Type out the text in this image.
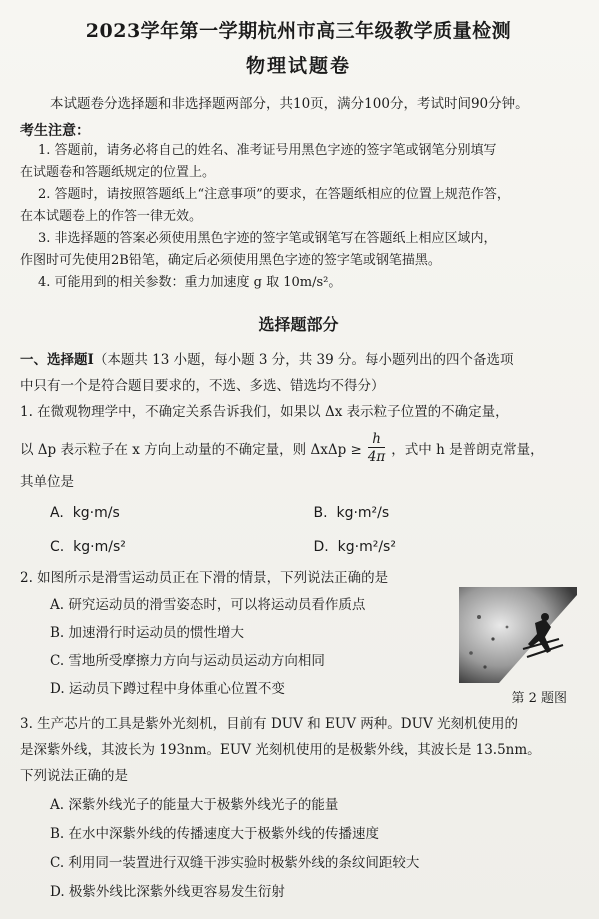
2023学年第一学期杭州市高三年级教学质量检测
物理试题卷
本试题卷分选择题和非选择题两部分，共10页，满分100分，考试时间90分钟。
考生注意：
1. 答题前，请务必将自己的姓名、准考证号用黑色字迹的签字笔或钢笔分别填写
在试题卷和答题纸规定的位置上。
2. 答题时，请按照答题纸上“注意事项”的要求，在答题纸相应的位置上规范作答，
在本试题卷上的作答一律无效。
3. 非选择题的答案必须使用黑色字迹的签字笔或钢笔写在答题纸上相应区域内，
作图时可先使用2B铅笔，确定后必须使用黑色字迹的签字笔或钢笔描黑。
4. 可能用到的相关参数：重力加速度 g 取 10m/s²。
选择题部分
一、选择题Ⅰ（本题共 13 小题，每小题 3 分，共 39 分。每小题列出的四个备选项
中只有一个是符合题目要求的，不选、多选、错选均不得分）
1. 在微观物理学中，不确定关系告诉我们，如果以 Δx 表示粒子位置的不确定量，
以 Δp 表示粒子在 x 方向上动量的不确定量，则 $\Delta x\Delta p \ge \frac{h}{4\pi}$ ，式中 h 是普朗克常量，
其单位是
A. kg·m/s	B. kg·m²/s
C. kg·m/s²	D. kg·m²/s²
2. 如图所示是滑雪运动员正在下滑的情景，下列说法正确的是
A. 研究运动员的滑雪姿态时，可以将运动员看作质点
B. 加速滑行时运动员的惯性增大
C. 雪地所受摩擦力方向与运动员运动方向相同
D. 运动员下蹲过程中身体重心位置不变
第 2 题图
3. 生产芯片的工具是紫外光刻机，目前有 DUV 和 EUV 两种。DUV 光刻机使用的
是深紫外线，其波长为 193nm。EUV 光刻机使用的是极紫外线，其波长是 13.5nm。
下列说法正确的是
A. 深紫外线光子的能量大于极紫外线光子的能量
B. 在水中深紫外线的传播速度大于极紫外线的传播速度
C. 利用同一装置进行双缝干涉实验时极紫外线的条纹间距较大
D. 极紫外线比深紫外线更容易发生衍射
